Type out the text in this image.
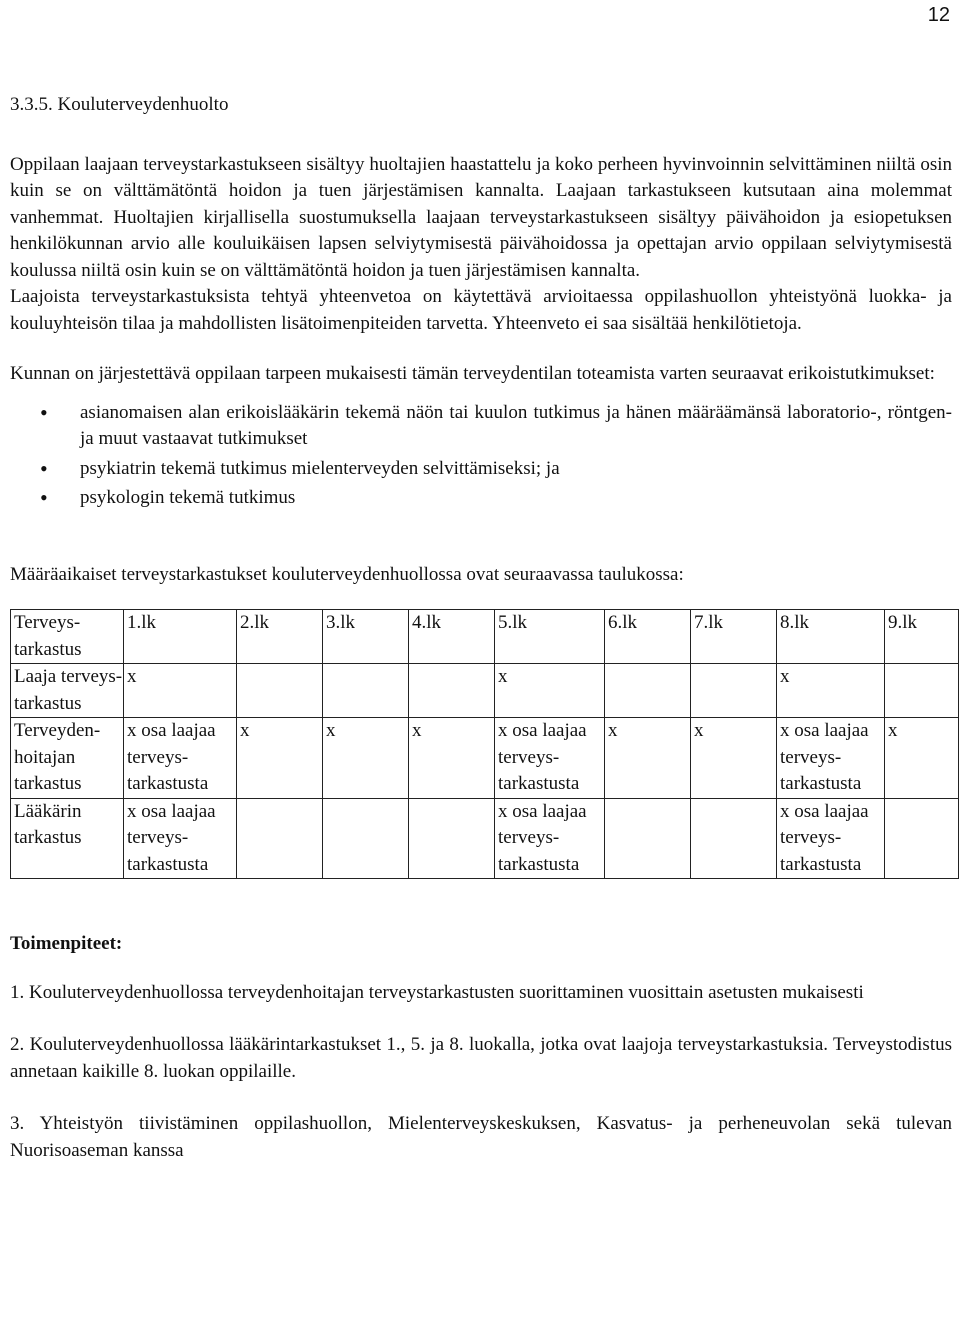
12
3.3.5. Kouluterveydenhuolto

Oppilaan laajaan terveystarkastukseen sisältyy huoltajien haastattelu ja koko perheen hyvinvoinnin selvittäminen niiltä osin kuin se on välttämätöntä hoidon ja tuen järjestämisen kannalta. Laajaan tarkastukseen kutsutaan aina molemmat vanhemmat. Huoltajien kirjallisella suostumuksella laajaan terveystarkastukseen sisältyy päivähoidon ja esiopetuksen henkilökunnan arvio alle kouluikäisen lapsen selviytymisestä päivähoidossa ja opettajan arvio oppilaan selviytymisestä koulussa niiltä osin kuin se on välttämätöntä hoidon ja tuen järjestämisen kannalta.

Laajoista terveystarkastuksista tehtyä yhteenvetoa on käytettävä arvioitaessa oppilashuollon yhteistyönä luokka- ja kouluyhteisön tilaa ja mahdollisten lisätoimenpiteiden tarvetta. Yhteenveto ei saa sisältää henkilötietoja.

Kunnan on järjestettävä oppilaan tarpeen mukaisesti tämän terveydentilan toteamista varten seuraavat erikoistutkimukset:

• asianomaisen alan erikoislääkärin tekemä näön tai kuulon tutkimus ja hänen määräämänsä laboratorio-, röntgen- ja muut vastaavat tutkimukset
• psykiatrin tekemä tutkimus mielenterveyden selvittämiseksi; ja
• psykologin tekemä tutkimus

Määräaikaiset terveystarkastukset kouluterveydenhuollossa ovat seuraavassa taulukossa:

Terveys-tarkastus	1.lk	2.lk	3.lk	4.lk	5.lk	6.lk	7.lk	8.lk	9.lk
Laaja terveys-tarkastus	x				x			x	
Terveyden-hoitajan tarkastus	x osa laajaa terveys-tarkastusta	x	x	x	x osa laajaa terveys-tarkastusta	x	x	x osa laajaa terveys-tarkastusta	x
Lääkärin tarkastus	x osa laajaa terveys-tarkastusta				x osa laajaa terveys-tarkastusta			x osa laajaa terveys-tarkastusta	
Toimenpiteet:
1. Kouluterveydenhuollossa terveydenhoitajan terveystarkastusten suorittaminen vuosittain asetusten mukaisesti
2. Kouluterveydenhuollossa lääkärintarkastukset 1., 5. ja 8. luokalla, jotka ovat laajoja terveystarkastuksia. Terveystodistus annetaan kaikille 8. luokan oppilaille.
3. Yhteistyön tiivistäminen oppilashuollon, Mielenterveyskeskuksen, Kasvatus- ja perheneuvolan sekä tulevan Nuorisoaseman kanssa
